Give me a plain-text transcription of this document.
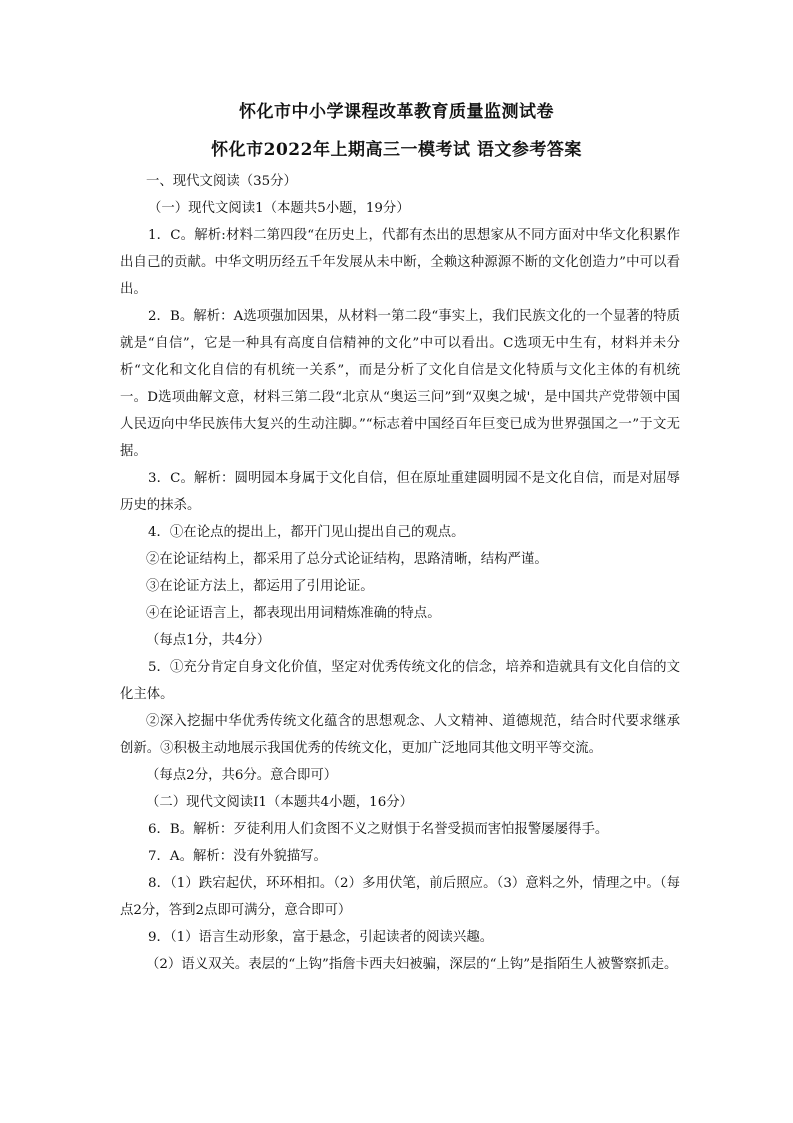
怀化市中小学课程改革教育质量监测试卷
怀化市2022年上期高三一模考试 语文参考答案

一、现代文阅读（35分）

（一）现代文阅读1（本题共5小题，19分）

1．C。解析:材料二第四段“在历史上，代都有杰出的思想家从不同方面对中华文化积累作出自己的贡献。中华文明历经五千年发展从未中断，全赖这种源源不断的文化创造力”中可以看出。

2．B。解析：A选项强加因果，从材料一第二段“事实上，我们民族文化的一个显著的特质就是“自信”，它是一种具有高度自信精神的文化”中可以看出。C选项无中生有，材料并未分析“文化和文化自信的有机统一关系”，而是分析了文化自信是文化特质与文化主体的有机统一。D选项曲解文意，材料三第二段“北京从“奥运三问”到“双奥之城'，是中国共产党带领中国人民迈向中华民族伟大复兴的生动注脚。”“标志着中国经百年巨变已成为世界强国之一”于文无据。

3．C。解析：圆明园本身属于文化自信，但在原址重建圆明园不是文化自信，而是对屈辱历史的抹杀。

4．①在论点的提出上，都开门见山提出自己的观点。

②在论证结构上，都采用了总分式论证结构，思路清晰，结构严谨。

③在论证方法上，都运用了引用论证。

④在论证语言上，都表现出用词精炼准确的特点。

（每点1分，共4分）

5．①充分肯定自身文化价值，坚定对优秀传统文化的信念，培养和造就具有文化自信的文化主体。

②深入挖掘中华优秀传统文化蕴含的思想观念、人文精神、道德规范，结合时代要求继承创新。③积极主动地展示我国优秀的传统文化，更加广泛地同其他文明平等交流。

（每点2分，共6分。意合即可）

（二）现代文阅读I1（本题共4小题，16分）

6．B。解析：歹徒利用人们贪图不义之财惧于名誉受损而害怕报警屡屡得手。

7．A。解析：没有外貌描写。

8．（1）跌宕起伏，环环相扣。（2）多用伏笔，前后照应。（3）意料之外，情理之中。（每点2分，答到2点即可满分，意合即可）

9．（1）语言生动形象，富于悬念，引起读者的阅读兴趣。

（2）语义双关。表层的“上钩”指詹卡西夫妇被骗，深层的“上钩”是指陌生人被警察抓走。
